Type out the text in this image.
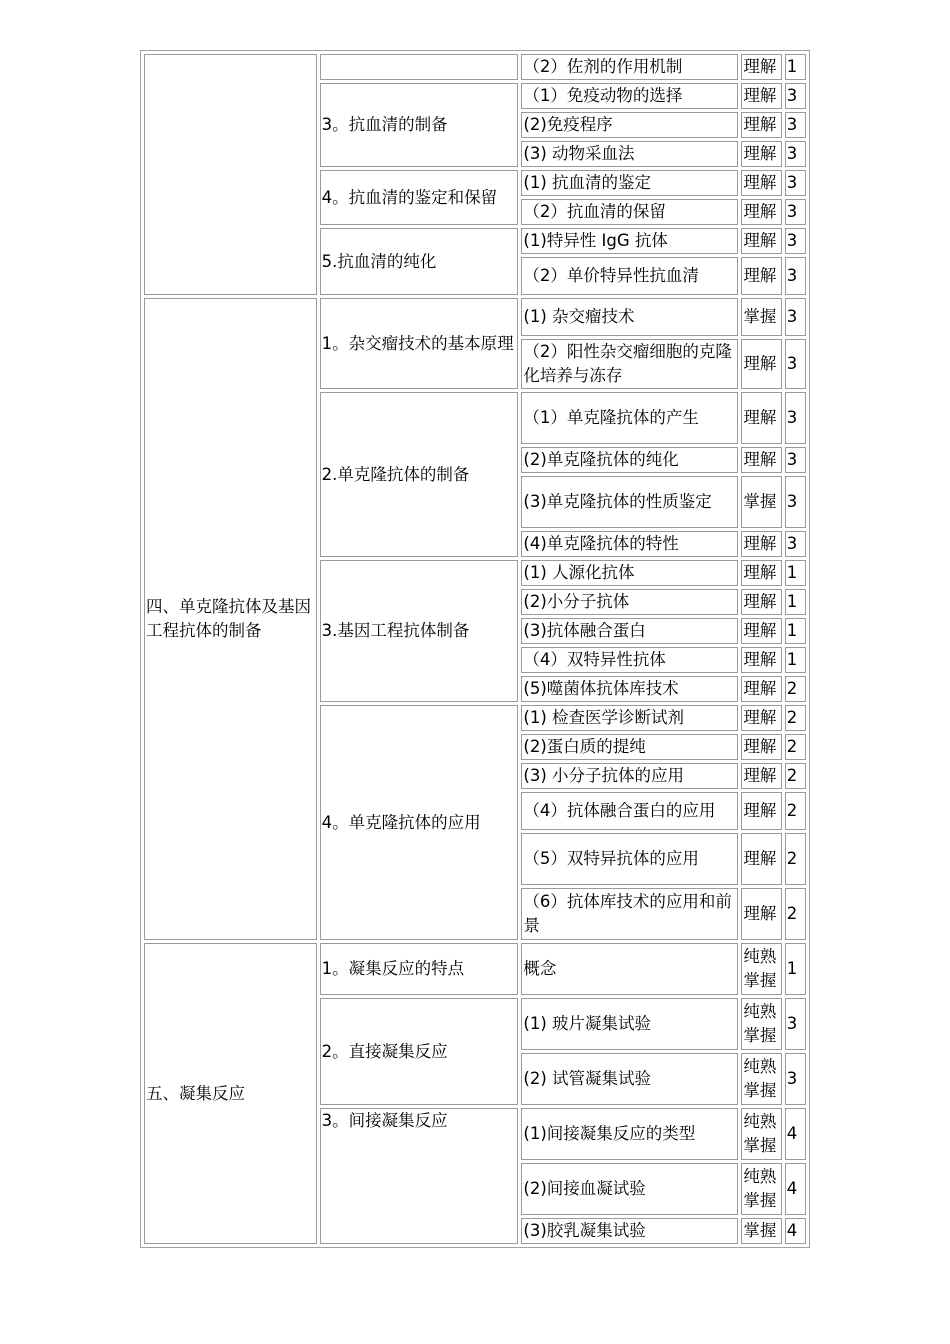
		（2）佐剂的作用机制	理解	1
	3。抗血清的制备	（1）免疫动物的选择	理解	3
		(2)免疫程序	理解	3
		(3) 动物采血法	理解	3
	4。抗血清的鉴定和保留	(1) 抗血清的鉴定	理解	3
		（2）抗血清的保留	理解	3
	5.抗血清的纯化	(1)特异性 IgG 抗体	理解	3
		（2）单价特异性抗血清	理解	3
四、单克隆抗体及基因工程抗体的制备	1。杂交瘤技术的基本原理	(1) 杂交瘤技术	掌握	3
		（2）阳性杂交瘤细胞的克隆化培养与冻存	理解	3
	2.单克隆抗体的制备	（1）单克隆抗体的产生	理解	3
		(2)单克隆抗体的纯化	理解	3
		(3)单克隆抗体的性质鉴定	掌握	3
		(4)单克隆抗体的特性	理解	3
	3.基因工程抗体制备	(1) 人源化抗体	理解	1
		(2)小分子抗体	理解	1
		(3)抗体融合蛋白	理解	1
		（4）双特异性抗体	理解	1
		(5)噬菌体抗体库技术	理解	2
	4。单克隆抗体的应用	(1) 检查医学诊断试剂	理解	2
		(2)蛋白质的提纯	理解	2
		(3) 小分子抗体的应用	理解	2
		（4）抗体融合蛋白的应用	理解	2
		（5）双特异抗体的应用	理解	2
		（6）抗体库技术的应用和前景	理解	2
五、凝集反应	1。凝集反应的特点	概念	纯熟掌握	1
	2。直接凝集反应	(1) 玻片凝集试验	纯熟掌握	3
		(2) 试管凝集试验	纯熟掌握	3
	3。间接凝集反应	(1)间接凝集反应的类型	纯熟掌握	4
		(2)间接血凝试验	纯熟掌握	4
		(3)胶乳凝集试验	掌握	4
